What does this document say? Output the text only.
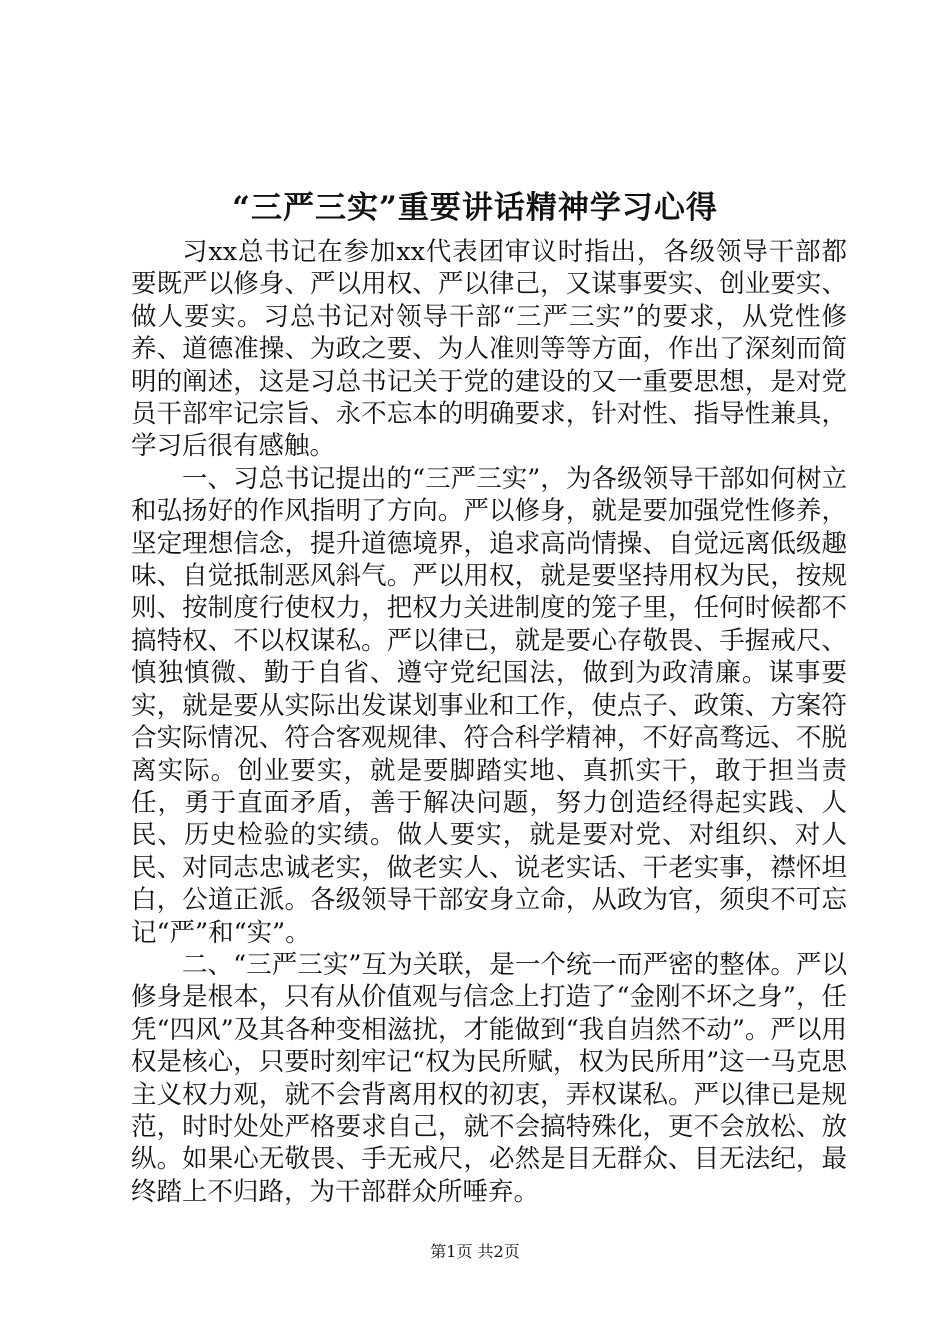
“三严三实”重要讲话精神学习心得

习xx总书记在参加xx代表团审议时指出，各级领导干部都要既严以修身、严以用权、严以律己，又谋事要实、创业要实、做人要实。习总书记对领导干部“三严三实”的要求，从党性修养、道德准操、为政之要、为人准则等等方面，作出了深刻而简明的阐述，这是习总书记关于党的建设的又一重要思想，是对党员干部牢记宗旨、永不忘本的明确要求，针对性、指导性兼具，学习后很有感触。

一、习总书记提出的“三严三实”，为各级领导干部如何树立和弘扬好的作风指明了方向。严以修身，就是要加强党性修养，坚定理想信念，提升道德境界，追求高尚情操、自觉远离低级趣味、自觉抵制恶风斜气。严以用权，就是要坚持用权为民，按规则、按制度行使权力，把权力关进制度的笼子里，任何时候都不搞特权、不以权谋私。严以律已，就是要心存敬畏、手握戒尺、慎独慎微、勤于自省、遵守党纪国法，做到为政清廉。谋事要实，就是要从实际出发谋划事业和工作，使点子、政策、方案符合实际情况、符合客观规律、符合科学精神，不好高骛远、不脱离实际。创业要实，就是要脚踏实地、真抓实干，敢于担当责任，勇于直面矛盾，善于解决问题，努力创造经得起实践、人民、历史检验的实绩。做人要实，就是要对党、对组织、对人民、对同志忠诚老实，做老实人、说老实话、干老实事，襟怀坦白，公道正派。各级领导干部安身立命，从政为官，须臾不可忘记“严”和“实”。

二、“三严三实”互为关联，是一个统一而严密的整体。严以修身是根本，只有从价值观与信念上打造了“金刚不坏之身”，任凭“四风”及其各种变相滋扰，才能做到“我自岿然不动”。严以用权是核心，只要时刻牢记“权为民所赋，权为民所用”这一马克思主义权力观，就不会背离用权的初衷，弄权谋私。严以律已是规范，时时处处严格要求自己，就不会搞特殊化，更不会放松、放纵。如果心无敬畏、手无戒尺，必然是目无群众、目无法纪，最终踏上不归路，为干部群众所唾弃。

第1页 共2页
